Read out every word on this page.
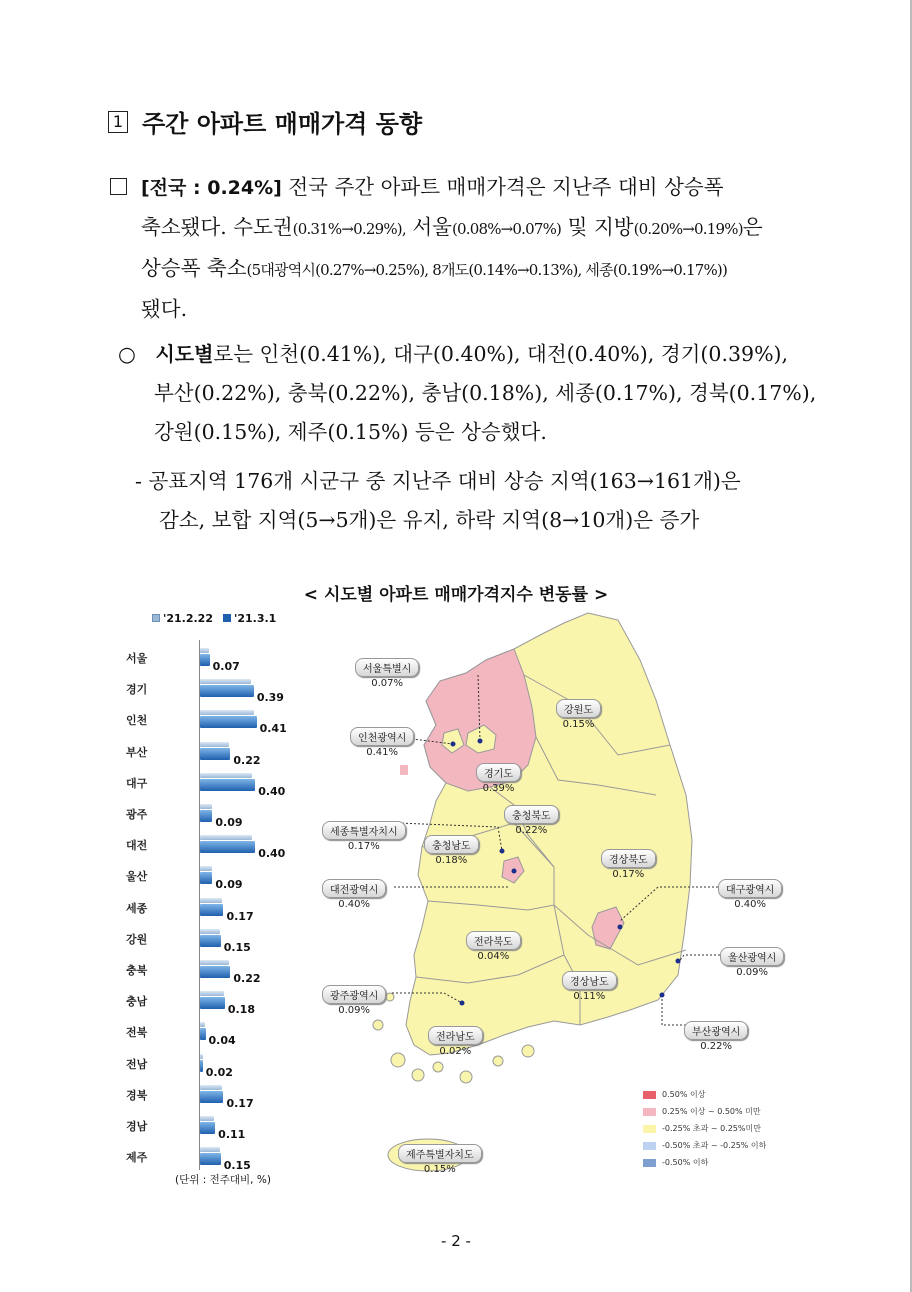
1 주간 아파트 매매가격 동향
[전국 : 0.24%] 전국 주간 아파트 매매가격은 지난주 대비 상승폭
축소됐다. 수도권(0.31%→0.29%), 서울(0.08%→0.07%) 및 지방(0.20%→0.19%)은
상승폭 축소(5대광역시(0.27%→0.25%), 8개도(0.14%→0.13%), 세종(0.19%→0.17%))
됐다.
○ 시도별로는 인천(0.41%), 대구(0.40%), 대전(0.40%), 경기(0.39%),
부산(0.22%), 충북(0.22%), 충남(0.18%), 세종(0.17%), 경북(0.17%),
강원(0.15%), 제주(0.15%) 등은 상승했다.
- 공표지역 176개 시군구 중 지난주 대비 상승 지역(163→161개)은
감소, 보합 지역(5→5개)은 유지, 하락 지역(8→10개)은 증가
< 시도별 아파트 매매가격지수 변동률 >
'21.2.22	'21.3.1
서울
0.07
경기
0.39
인천
0.41
부산
0.22
대구
0.40
광주
0.09
대전
0.40
울산
0.09
세종
0.17
강원
0.15
충북
0.22
충남
0.18
전북
0.04
전남
0.02
경북
0.17
경남
0.11
제주
0.15
(단위 : 전주대비, %)
서울특별시
0.07%
인천광역시
0.41%
경기도
0.39%
강원도
0.15%
충청북도
0.22%
세종특별자치시
0.17%	충청남도
0.18%	경상북도
0.17%
대전광역시
0.40%
대구광역시
0.40%
전라북도
0.04%	울산광역시
0.09%
광주광역시
0.09%
경상남도
0.11%
부산광역시
0.22%
전라남도
0.02%
제주특별자치도
0.15%
0.50% 이상
0.25% 이상 ~ 0.50% 미만
-0.25% 초과 ~ 0.25%미만
-0.50% 초과 ~ -0.25% 이하
-0.50% 이하
- 2 -
